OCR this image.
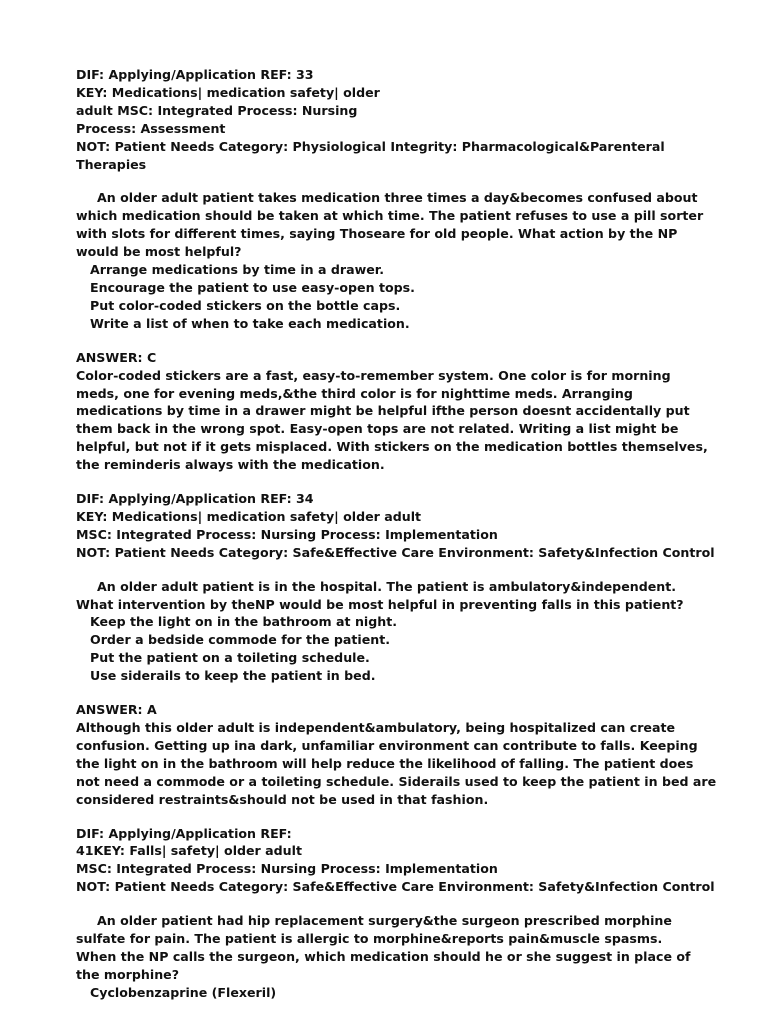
DIF: Applying/Application REF: 33
KEY: Medications| medication safety| older
adult MSC: Integrated Process: Nursing
Process: Assessment
NOT: Patient Needs Category: Physiological Integrity: Pharmacological&Parenteral
Therapies
An older adult patient takes medication three times a day&becomes confused about
which medication should be taken at which time. The patient refuses to use a pill sorter
with slots for different times, saying Thoseare for old people. What action by the NP
would be most helpful?
Arrange medications by time in a drawer.
Encourage the patient to use easy-open tops.
Put color-coded stickers on the bottle caps.
Write a list of when to take each medication.
ANSWER: C
Color-coded stickers are a fast, easy-to-remember system. One color is for morning
meds, one for evening meds,&the third color is for nighttime meds. Arranging
medications by time in a drawer might be helpful ifthe person doesnt accidentally put
them back in the wrong spot. Easy-open tops are not related. Writing a list might be
helpful, but not if it gets misplaced. With stickers on the medication bottles themselves,
the reminderis always with the medication.
DIF: Applying/Application REF: 34
KEY: Medications| medication safety| older adult
MSC: Integrated Process: Nursing Process: Implementation
NOT: Patient Needs Category: Safe&Effective Care Environment: Safety&Infection Control
An older adult patient is in the hospital. The patient is ambulatory&independent.
What intervention by theNP would be most helpful in preventing falls in this patient?
Keep the light on in the bathroom at night.
Order a bedside commode for the patient.
Put the patient on a toileting schedule.
Use siderails to keep the patient in bed.
ANSWER: A
Although this older adult is independent&ambulatory, being hospitalized can create
confusion. Getting up ina dark, unfamiliar environment can contribute to falls. Keeping
the light on in the bathroom will help reduce the likelihood of falling. The patient does
not need a commode or a toileting schedule. Siderails used to keep the patient in bed are
considered restraints&should not be used in that fashion.
DIF: Applying/Application REF:
41KEY: Falls| safety| older adult
MSC: Integrated Process: Nursing Process: Implementation
NOT: Patient Needs Category: Safe&Effective Care Environment: Safety&Infection Control
An older patient had hip replacement surgery&the surgeon prescribed morphine
sulfate for pain. The patient is allergic to morphine&reports pain&muscle spasms.
When the NP calls the surgeon, which medication should he or she suggest in place of
the morphine?
Cyclobenzaprine (Flexeril)
